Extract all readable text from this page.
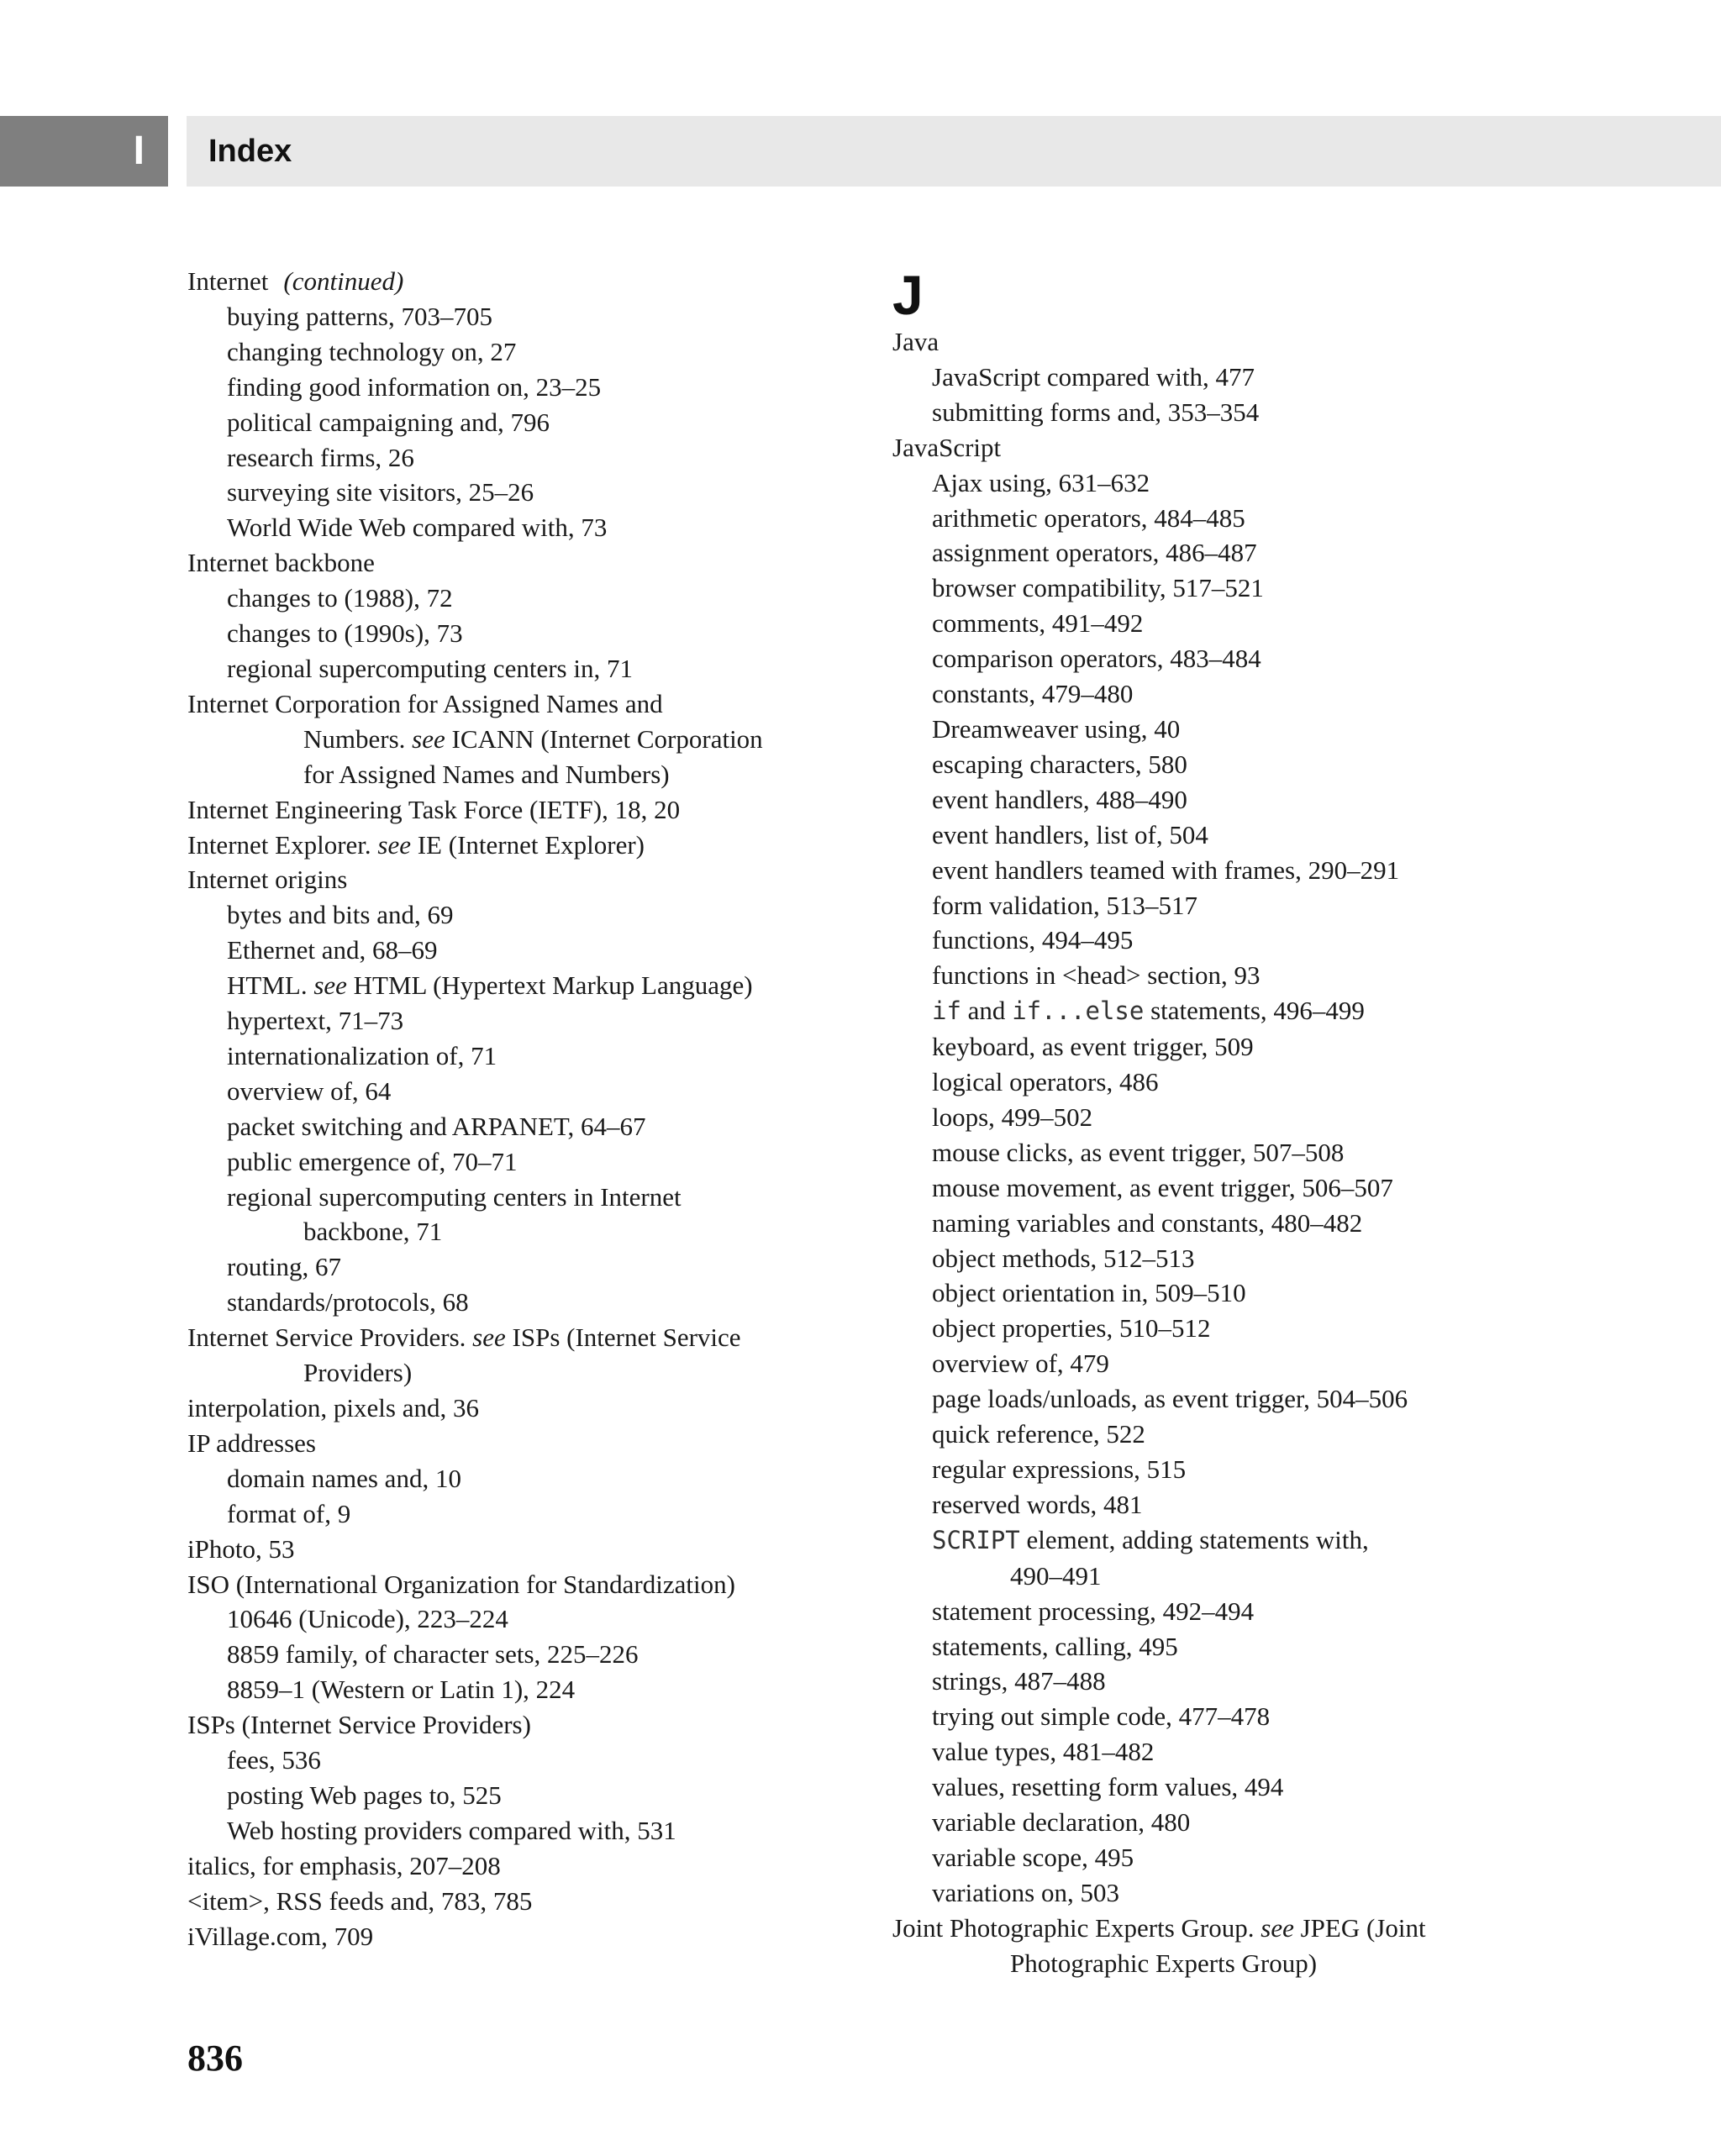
I	Index
Internet (continued)
buying patterns, 703–705
changing technology on, 27
finding good information on, 23–25
political campaigning and, 796
research firms, 26
surveying site visitors, 25–26
World Wide Web compared with, 73
Internet backbone
changes to (1988), 72
changes to (1990s), 73
regional supercomputing centers in, 71
Internet Corporation for Assigned Names and
Numbers. see ICANN (Internet Corporation
for Assigned Names and Numbers)
Internet Engineering Task Force (IETF), 18, 20
Internet Explorer. see IE (Internet Explorer)
Internet origins
bytes and bits and, 69
Ethernet and, 68–69
HTML. see HTML (Hypertext Markup Language)
hypertext, 71–73
internationalization of, 71
overview of, 64
packet switching and ARPANET, 64–67
public emergence of, 70–71
regional supercomputing centers in Internet
backbone, 71
routing, 67
standards/protocols, 68
Internet Service Providers. see ISPs (Internet Service
Providers)
interpolation, pixels and, 36
IP addresses
domain names and, 10
format of, 9
iPhoto, 53
ISO (International Organization for Standardization)
10646 (Unicode), 223–224
8859 family, of character sets, 225–226
8859–1 (Western or Latin 1), 224
ISPs (Internet Service Providers)
fees, 536
posting Web pages to, 525
Web hosting providers compared with, 531
italics, for emphasis, 207–208
<item>, RSS feeds and, 783, 785
iVillage.com, 709
J
Java
JavaScript compared with, 477
submitting forms and, 353–354
JavaScript
Ajax using, 631–632
arithmetic operators, 484–485
assignment operators, 486–487
browser compatibility, 517–521
comments, 491–492
comparison operators, 483–484
constants, 479–480
Dreamweaver using, 40
escaping characters, 580
event handlers, 488–490
event handlers, list of, 504
event handlers teamed with frames, 290–291
form validation, 513–517
functions, 494–495
functions in <head> section, 93
if and if...else statements, 496–499
keyboard, as event trigger, 509
logical operators, 486
loops, 499–502
mouse clicks, as event trigger, 507–508
mouse movement, as event trigger, 506–507
naming variables and constants, 480–482
object methods, 512–513
object orientation in, 509–510
object properties, 510–512
overview of, 479
page loads/unloads, as event trigger, 504–506
quick reference, 522
regular expressions, 515
reserved words, 481
SCRIPT element, adding statements with,
490–491
statement processing, 492–494
statements, calling, 495
strings, 487–488
trying out simple code, 477–478
value types, 481–482
values, resetting form values, 494
variable declaration, 480
variable scope, 495
variations on, 503
Joint Photographic Experts Group. see JPEG (Joint
Photographic Experts Group)
836
